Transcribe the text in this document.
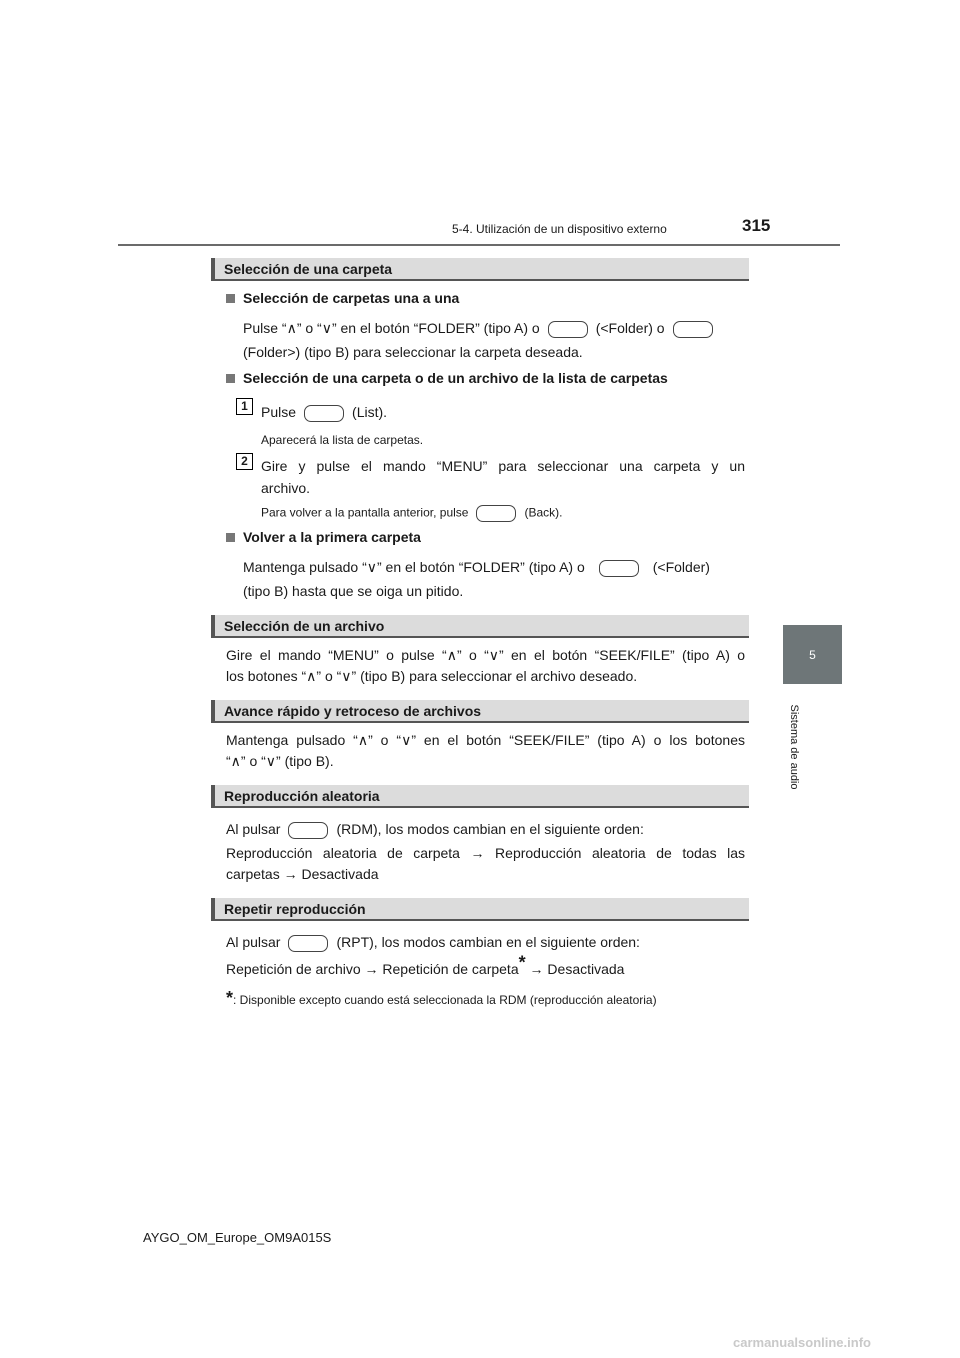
5-4. Utilización de un dispositivo externo	315
5
Sistema de audio
Selección de una carpeta
Selección de carpetas una a una
Pulse “∧” o “∨” en el botón “FOLDER” (tipo A) o	(<Folder) o
(Folder>) (tipo B) para seleccionar la carpeta deseada.
Selección de una carpeta o de un archivo de la lista de carpetas
1 Pulse	(List).
Aparecerá la lista de carpetas.
2 Gire y pulse el mando “MENU” para seleccionar una carpeta y un
archivo.
Para volver a la pantalla anterior, pulse	(Back).
Volver a la primera carpeta
Mantenga pulsado “∨” en el botón “FOLDER” (tipo A) o	(<Folder)
(tipo B) hasta que se oiga un pitido.
Selección de un archivo
Gire el mando “MENU” o pulse “∧” o “∨” en el botón “SEEK/FILE” (tipo A) o
los botones “∧” o “∨” (tipo B) para seleccionar el archivo deseado.
Avance rápido y retroceso de archivos
Mantenga pulsado “∧” o “∨” en el botón “SEEK/FILE” (tipo A) o los botones
“∧” o “∨” (tipo B).
Reproducción aleatoria
Al pulsar	(RDM), los modos cambian en el siguiente orden:
Reproducción aleatoria de carpeta → Reproducción aleatoria de todas las
carpetas → Desactivada
Repetir reproducción
Al pulsar	(RPT), los modos cambian en el siguiente orden:
Repetición de archivo → Repetición de carpeta* → Desactivada
*: Disponible excepto cuando está seleccionada la RDM (reproducción aleatoria)
AYGO_OM_Europe_OM9A015S
carmanualsonline.info
